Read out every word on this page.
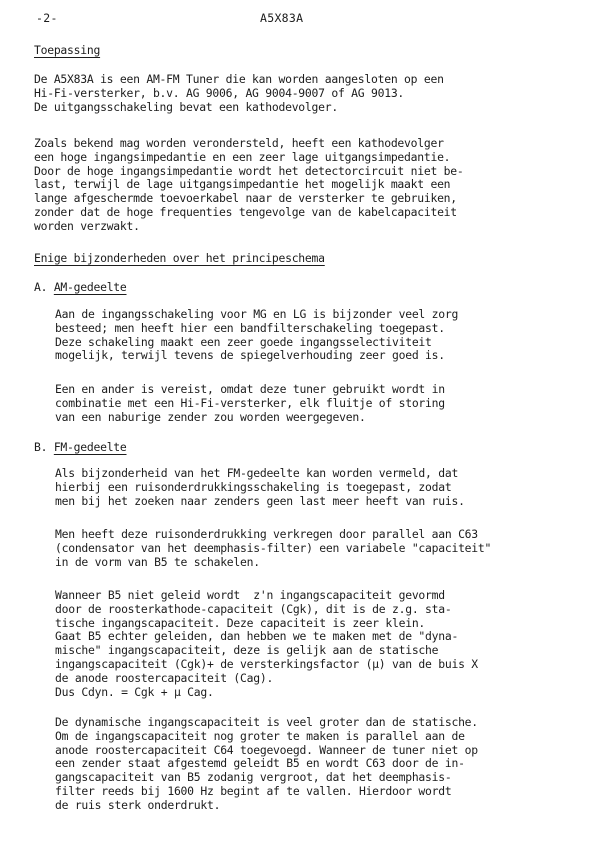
-2-	A5X83A
Toepassing
De A5X83A is een AM-FM Tuner die kan worden aangesloten op een
Hi-Fi-versterker, b.v. AG 9006, AG 9004-9007 of AG 9013.
De uitgangsschakeling bevat een kathodevolger.
Zoals bekend mag worden verondersteld, heeft een kathodevolger
een hoge ingangsimpedantie en een zeer lage uitgangsimpedantie.
Door de hoge ingangsimpedantie wordt het detectorcircuit niet be-
last, terwijl de lage uitgangsimpedantie het mogelijk maakt een
lange afgeschermde toevoerkabel naar de versterker te gebruiken,
zonder dat de hoge frequenties tengevolge van de kabelcapaciteit
worden verzwakt.
Enige bijzonderheden over het principeschema
A. AM-gedeelte
Aan de ingangsschakeling voor MG en LG is bijzonder veel zorg
besteed; men heeft hier een bandfilterschakeling toegepast.
Deze schakeling maakt een zeer goede ingangsselectiviteit
mogelijk, terwijl tevens de spiegelverhouding zeer goed is.
Een en ander is vereist, omdat deze tuner gebruikt wordt in
combinatie met een Hi-Fi-versterker, elk fluitje of storing
van een naburige zender zou worden weergegeven.
B. FM-gedeelte
Als bijzonderheid van het FM-gedeelte kan worden vermeld, dat
hierbij een ruisonderdrukkingsschakeling is toegepast, zodat
men bij het zoeken naar zenders geen last meer heeft van ruis.
Men heeft deze ruisonderdrukking verkregen door parallel aan C63
(condensator van het deemphasis-filter) een variabele "capaciteit"
in de vorm van B5 te schakelen.
Wanneer B5 niet geleid wordt  z'n ingangscapaciteit gevormd
door de roosterkathode-capaciteit (Cgk), dit is de z.g. sta-
tische ingangscapaciteit. Deze capaciteit is zeer klein.
Gaat B5 echter geleiden, dan hebben we te maken met de "dyna-
mische" ingangscapaciteit, deze is gelijk aan de statische
ingangscapaciteit (Cgk)+ de versterkingsfactor (μ) van de buis X
de anode roostercapaciteit (Cag).
Dus Cdyn. = Cgk + μ Cag.
De dynamische ingangscapaciteit is veel groter dan de statische.
Om de ingangscapaciteit nog groter te maken is parallel aan de
anode roostercapaciteit C64 toegevoegd. Wanneer de tuner niet op
een zender staat afgestemd geleidt B5 en wordt C63 door de in-
gangscapaciteit van B5 zodanig vergroot, dat het deemphasis-
filter reeds bij 1600 Hz begint af te vallen. Hierdoor wordt
de ruis sterk onderdrukt.
